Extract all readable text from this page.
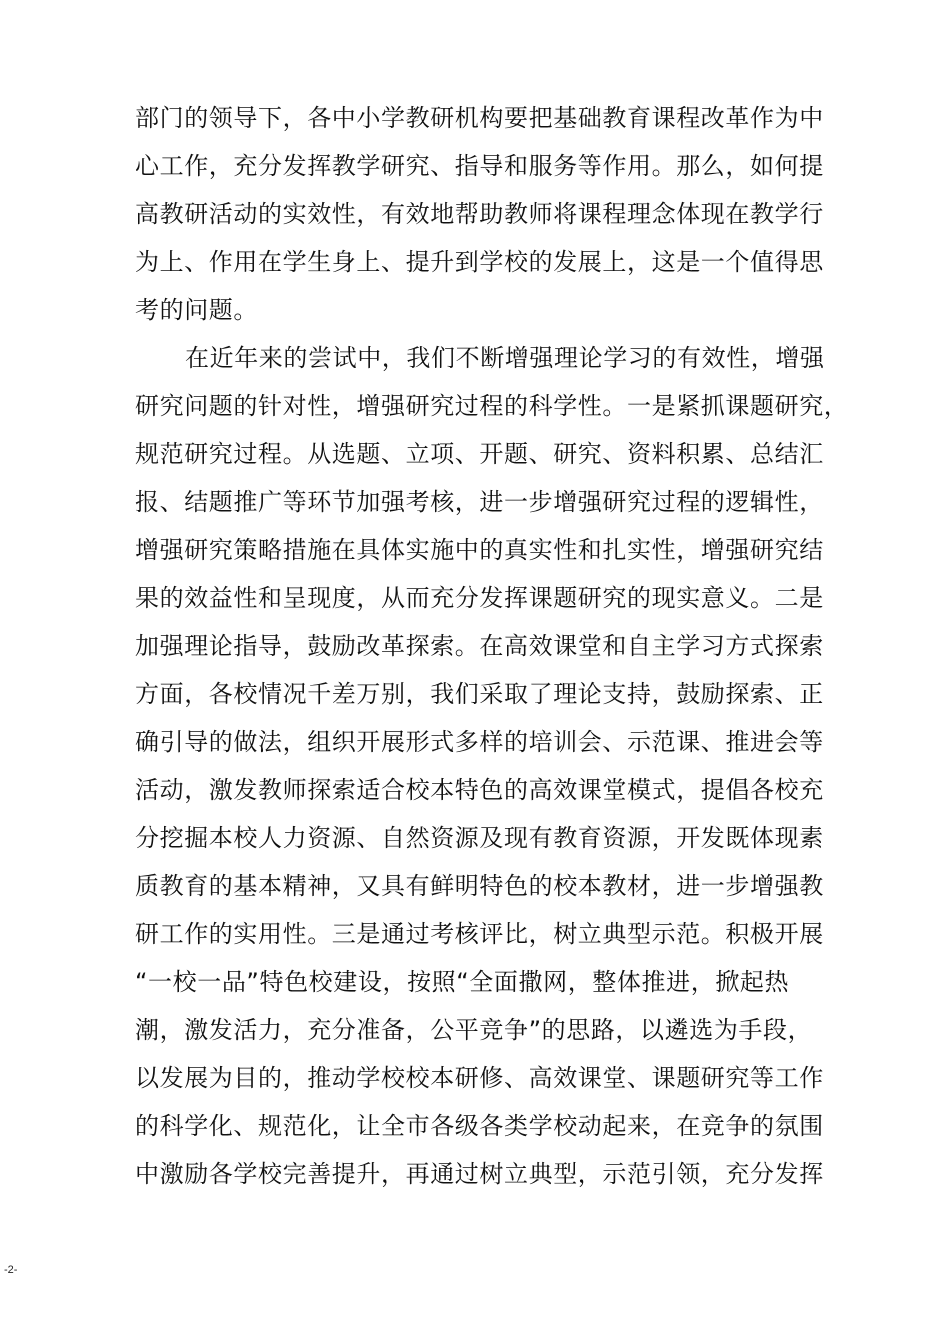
部门的领导下，各中小学教研机构要把基础教育课程改革作为中
心工作，充分发挥教学研究、指导和服务等作用。那么，如何提
高教研活动的实效性，有效地帮助教师将课程理念体现在教学行
为上、作用在学生身上、提升到学校的发展上，这是一个值得思
考的问题。
在近年来的尝试中，我们不断增强理论学习的有效性，增强
研究问题的针对性，增强研究过程的科学性。一是紧抓课题研究，
规范研究过程。从选题、立项、开题、研究、资料积累、总结汇
报、结题推广等环节加强考核，进一步增强研究过程的逻辑性，
增强研究策略措施在具体实施中的真实性和扎实性，增强研究结
果的效益性和呈现度，从而充分发挥课题研究的现实意义。二是
加强理论指导，鼓励改革探索。在高效课堂和自主学习方式探索
方面，各校情况千差万别，我们采取了理论支持，鼓励探索、正
确引导的做法，组织开展形式多样的培训会、示范课、推进会等
活动，激发教师探索适合校本特色的高效课堂模式，提倡各校充
分挖掘本校人力资源、自然资源及现有教育资源，开发既体现素
质教育的基本精神，又具有鲜明特色的校本教材，进一步增强教
研工作的实用性。三是通过考核评比，树立典型示范。积极开展
“一校一品”特色校建设，按照“全面撒网，整体推进，掀起热
潮，激发活力，充分准备，公平竞争”的思路，以遴选为手段，
以发展为目的，推动学校校本研修、高效课堂、课题研究等工作
的科学化、规范化，让全市各级各类学校动起来，在竞争的氛围
中激励各学校完善提升，再通过树立典型，示范引领，充分发挥
-2-
